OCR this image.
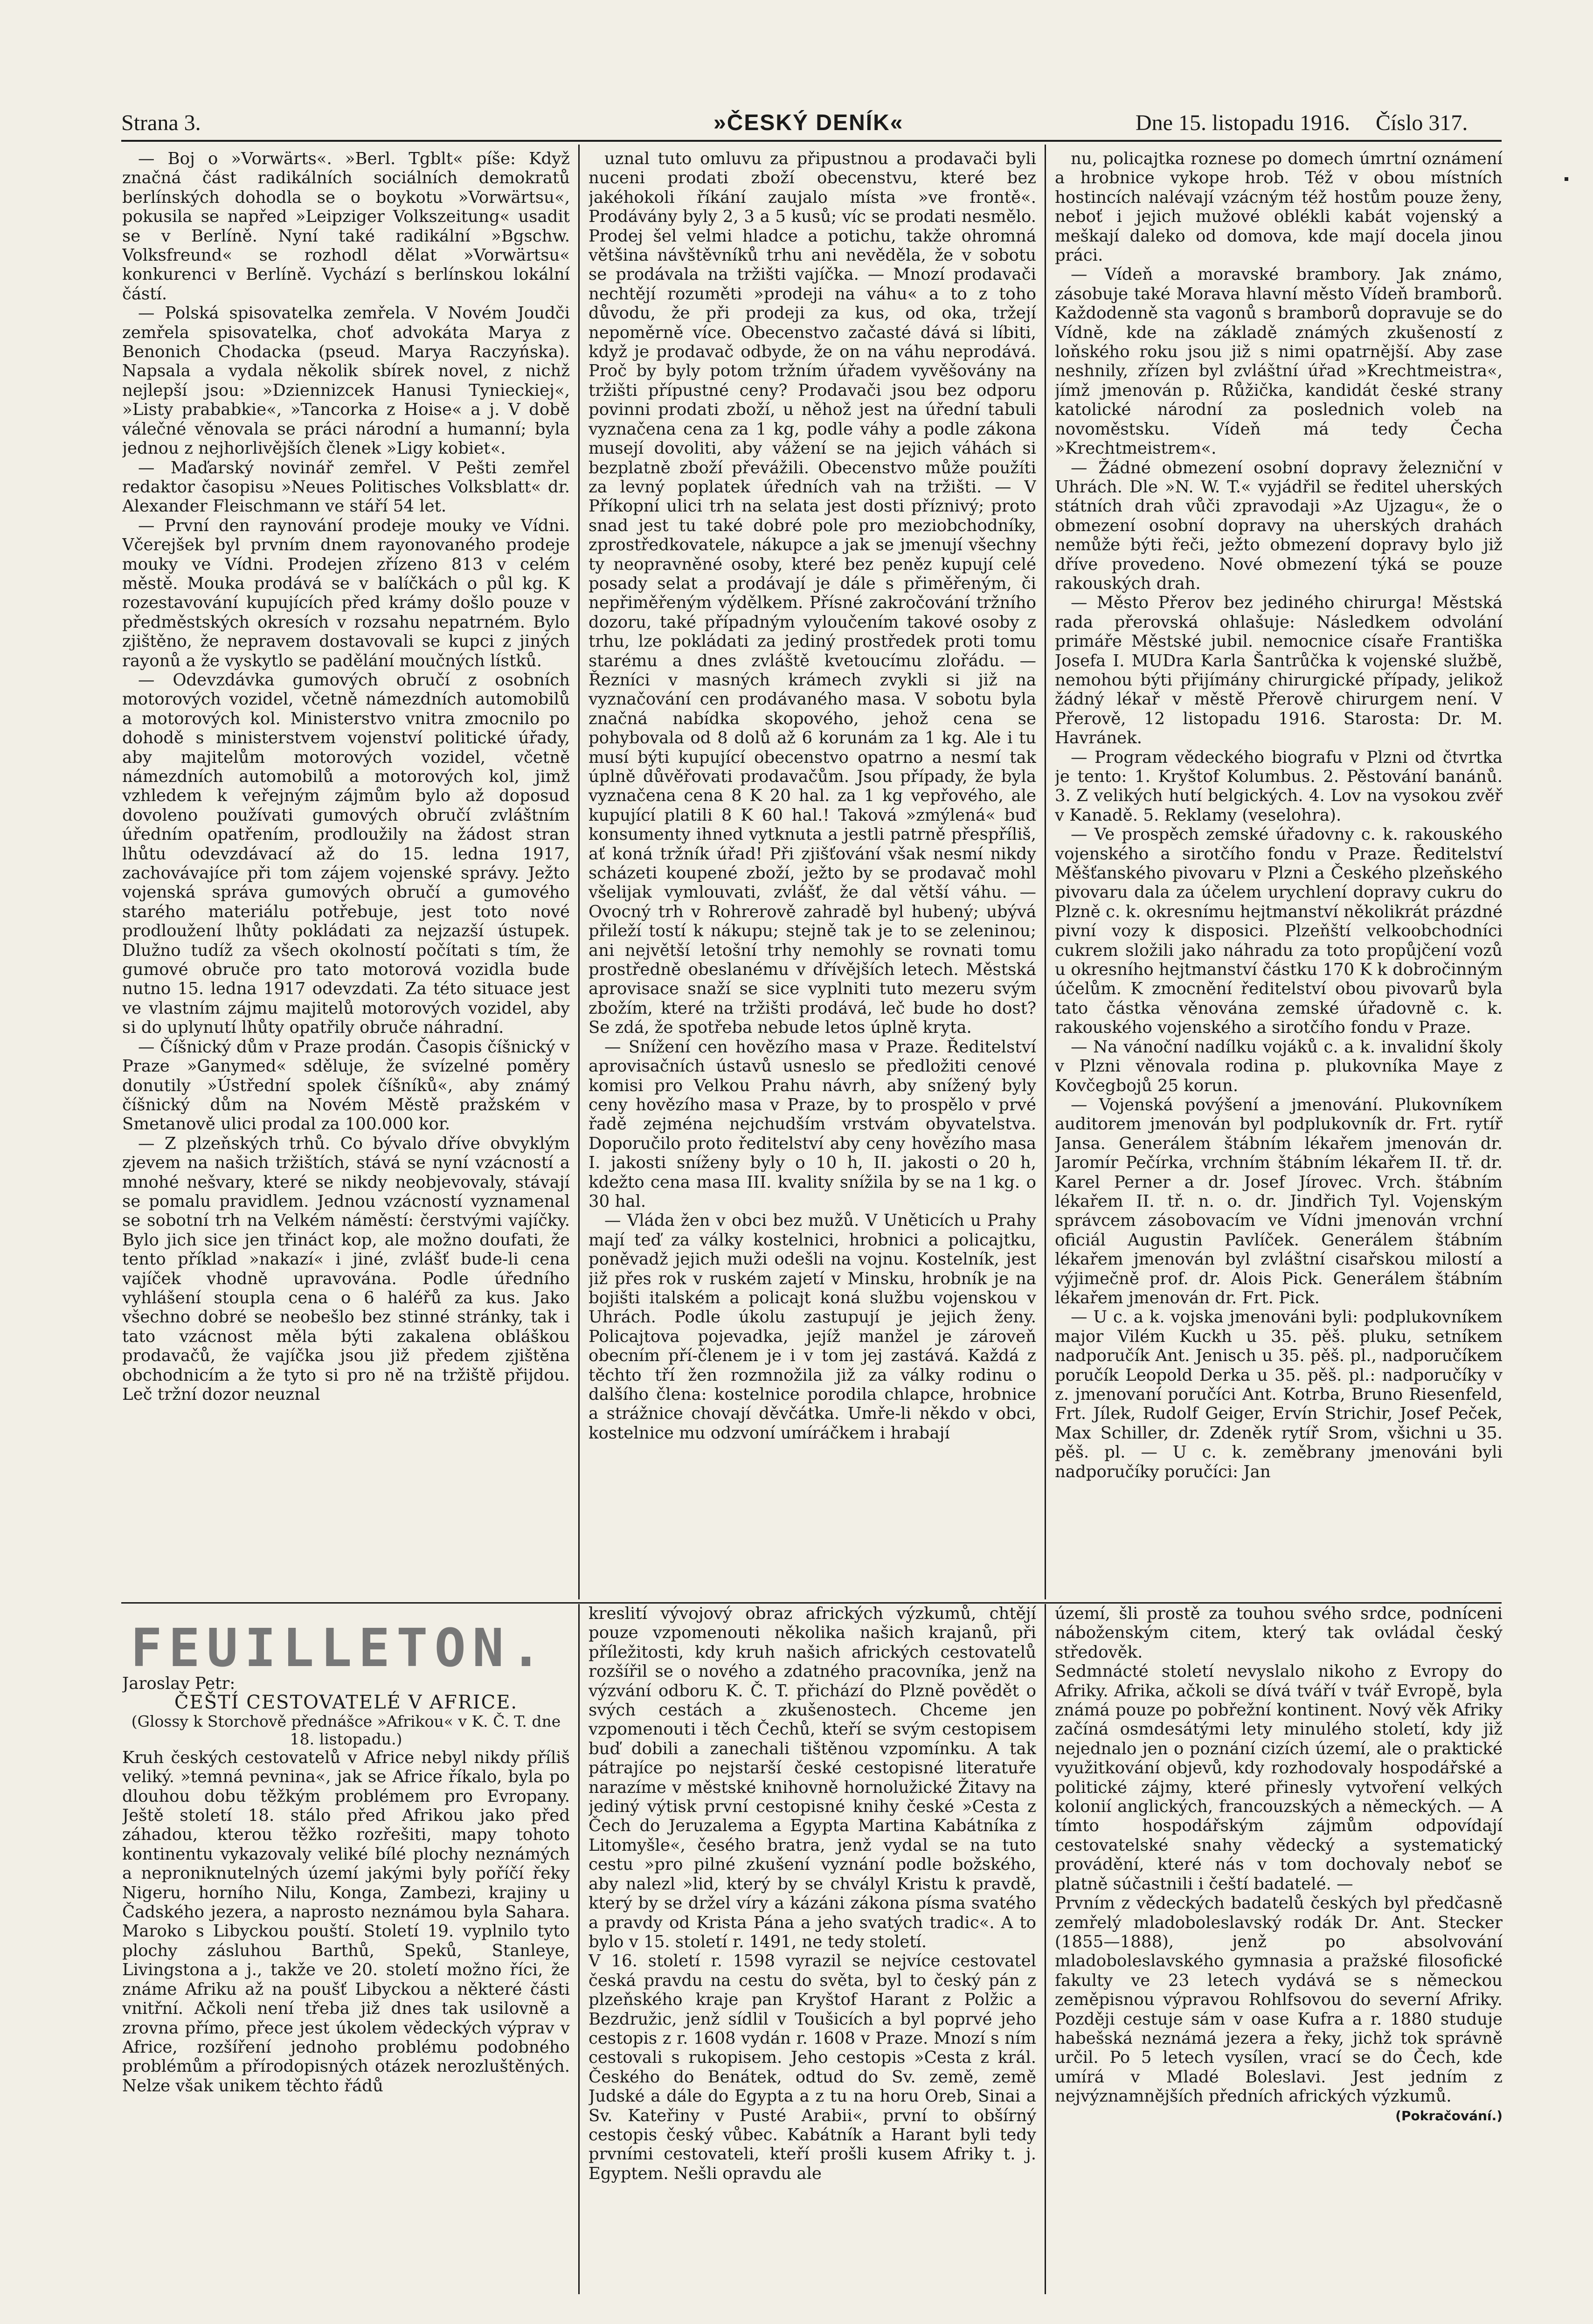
Strana 3.	»ČESKÝ DENÍK«	Dne 15. listopadu 1916. Číslo 317.

— Boj o »Vorwärts«. »Berl. Tgblt« píše: Když značná část radikálních sociálních demokratů berlínských dohodla se o boykotu »Vorwärtsu«, pokusila se napřed »Leipziger Volkszeitung« usadit se v Berlíně. Nyní také radikální »Bgschw. Volksfreund« se rozhodl dělat »Vorwärtsu« konkurenci v Berlíně. Vychází s berlínskou lokální částí.

— Polská spisovatelka zemřela. V Novém Joudči zemřela spisovatelka, choť advokáta Marya z Benonich Chodacka (pseud. Marya Raczyńska). Napsala a vydala několik sbírek novel, z nichž nejlepší jsou: »Dziennizcek Hanusi Tynieckiej«, »Listy prababkie«, »Tancorka z Hoise« a j. V době válečné věnovala se práci národní a humanní; byla jednou z nejhorlivějších členek »Ligy kobiet«.

— Maďarský novinář zemřel. V Pešti zemřel redaktor časopisu »Neues Politisches Volksblatt« dr. Alexander Fleischmann ve stáří 54 let.

— První den raynování prodeje mouky ve Vídni. Včerejšek byl prvním dnem rayonovaného prodeje mouky ve Vídni. Prodejen zřízeno 813 v celém městě. Mouka prodává se v balíčkách o půl kg. K rozestavování kupujících před krámy došlo pouze v předměstských okresích v rozsahu nepatrném. Bylo zjištěno, že nepravem dostavovali se kupci z jiných rayonů a že vyskytlo se padělání moučných lístků.

— Odevzdávka gumových obručí z osobních motorových vozidel, včetně námezdních automobilů a motorových kol. Ministerstvo vnitra zmocnilo po dohodě s ministerstvem vojenství politické úřady, aby majitelům motorových vozidel, včetně námezdních automobilů a motorových kol, jimž vzhledem k veřejným zájmům bylo až doposud dovoleno používati gumových obručí zvláštním úředním opatřením, prodloužily na žádost stran lhůtu odevzdávací až do 15. ledna 1917, zachovávajíce při tom zájem vojenské správy. Ježto vojenská správa gumových obručí a gumového starého materiálu potřebuje, jest toto nové prodloužení lhůty pokládati za nejzazší ústupek. Dlužno tudíž za všech okolností počítati s tím, že gumové obruče pro tato motorová vozidla bude nutno 15. ledna 1917 odevzdati. Za této situace jest ve vlastním zájmu majitelů motorových vozidel, aby si do uplynutí lhůty opatřily obruče náhradní.

— Číšnický dům v Praze prodán. Časopis číšnický v Praze »Ganymed« sděluje, že svízelné poměry donutily »Ústřední spolek číšníků«, aby známý číšnický dům na Novém Městě pražském v Smetanově ulici prodal za 100.000 kor.

— Z plzeňských trhů. Co bývalo dříve obvyklým zjevem na našich tržištích, stává se nyní vzácností a mnohé nešvary, které se nikdy neobjevovaly, stávají se pomalu pravidlem. Jednou vzácností vyznamenal se sobotní trh na Velkém náměstí: čerstvými vajíčky. Bylo jich sice jen třináct kop, ale možno doufati, že tento příklad »nakazí« i jiné, zvlášť bude-li cena vajíček vhodně upravována. Podle úředního vyhlášení stoupla cena o 6 haléřů za kus. Jako všechno dobré se neobešlo bez stinné stránky, tak i tato vzácnost měla býti zakalena obláškou prodavačů, že vajíčka jsou již předem zjištěna obchodnicím a že tyto si pro ně na tržiště přijdou. Leč tržní dozor neuznal

uznal tuto omluvu za připustnou a prodavači byli nuceni prodati zboží obecenstvu, které bez jakéhokoli říkání zaujalo místa »ve frontě«. Prodávány byly 2, 3 a 5 kusů; víc se prodati nesmělo. Prodej šel velmi hladce a potichu, takže ohromná většina návštěvníků trhu ani nevěděla, že v sobotu se prodávala na tržišti vajíčka. — Mnozí prodavači nechtějí rozuměti »prodeji na váhu« a to z toho důvodu, že při prodeji za kus, od oka, tržejí nepoměrně více. Obecenstvo začasté dává si líbiti, když je prodavač odbyde, že on na váhu neprodává. Proč by byly potom tržním úřadem vyvěšovány na tržišti přípustné ceny? Prodavači jsou bez odporu povinni prodati zboží, u něhož jest na úřední tabuli vyznačena cena za 1 kg, podle váhy a podle zákona musejí dovoliti, aby vážení se na jejich váhách si bezplatně zboží převážili. Obecenstvo může použíti za levný poplatek úředních vah na tržišti. — V Příkopní ulici trh na selata jest dosti příznivý; proto snad jest tu také dobré pole pro meziobchodníky, zprostředkovatele, nákupce a jak se jmenují všechny ty neopravněné osoby, které bez peněz kupují celé posady selat a prodávají je dále s přiměřeným, či nepřiměřeným výdělkem. Přísné zakročování tržního dozoru, také případným vyloučením takové osoby z trhu, lze pokládati za jediný prostředek proti tomu starému a dnes zvláště kvetoucímu zlořádu. — Řezníci v masných krámech zvykli si již na vyznačování cen prodávaného masa. V sobotu byla značná nabídka skopového, jehož cena se pohybovala od 8 dolů až 6 korunám za 1 kg. Ale i tu musí býti kupující obecenstvo opatrno a nesmí tak úplně důvěřovati prodavačům. Jsou případy, že byla vyznačena cena 8 K 20 hal. za 1 kg vepřového, ale kupující platili 8 K 60 hal.! Taková »zmýlená« buď konsumenty ihned vytknuta a jestli patrně přespříliš, ať koná tržník úřad! Při zjišťování však nesmí nikdy scházeti koupené zboží, ježto by se prodavač mohl všelijak vymlouvati, zvlášť, že dal větší váhu. — Ovocný trh v Rohrerově zahradě byl hubený; ubývá přileží tostí k nákupu; stejně tak je to se zeleninou; ani největší letošní trhy nemohly se rovnati tomu prostředně obeslanému v dřívějších letech. Městská aprovisace snaží se sice vyplniti tuto mezeru svým zbožím, které na tržišti prodává, leč bude ho dost? Se zdá, že spotřeba nebude letos úplně kryta.

— Snížení cen hovězího masa v Praze. Ředitelství aprovisačních ústavů usneslo se předložiti cenové komisi pro Velkou Prahu návrh, aby snížený byly ceny hovězího masa v Praze, by to prospělo v prvé řadě zejména nejchudším vrstvám obyvatelstva. Doporučilo proto ředitelství aby ceny hovězího masa I. jakosti sníženy byly o 10 h, II. jakosti o 20 h, kdežto cena masa III. kvality snížila by se na 1 kg. o 30 hal.

— Vláda žen v obci bez mužů. V Uněticích u Prahy mají teď za války kostelnici, hrobnici a policajtku, poněvadž jejich muži odešli na vojnu. Kostelník, jest již přes rok v ruském zajetí v Minsku, hrobník je na bojišti italském a policajt koná službu vojenskou v Uhrách. Podle úkolu zastupují je jejich ženy. Policajtova pojevadka, jejíž manžel je zároveň obecním pří-členem je i v tom jej zastává. Každá z těchto tří žen rozmnožila již za války rodinu o dalšího člena: kostelnice porodila chlapce, hrobnice a strážnice chovají děvčátka. Umře-li někdo v obci, kostelnice mu odzvoní umíráčkem i hrabají

nu, policajtka roznese po domech úmrtní oznámení a hrobnice vykope hrob. Též v obou místních hostincích nalévají vzácným též hostům pouze ženy, neboť i jejich mužové oblékli kabát vojenský a meškají daleko od domova, kde mají docela jinou práci.

— Vídeň a moravské brambory. Jak známo, zásobuje také Morava hlavní město Vídeň bramborů. Každodenně sta vagonů s bramborů dopravuje se do Vídně, kde na základě známých zkušeností z loňského roku jsou již s nimi opatrnější. Aby zase neshnily, zřízen byl zvláštní úřad »Krechtmeistra«, jímž jmenován p. Růžička, kandidát české strany katolické národní za poslednich voleb na novoměstsku. Vídeň má tedy Čecha »Krechtmeistrem«.

— Žádné obmezení osobní dopravy železniční v Uhrách. Dle »N. W. T.« vyjádřil se ředitel uherských státních drah vůči zpravodaji »Az Ujzagu«, že o obmezení osobní dopravy na uherských drahách nemůže býti řeči, ježto obmezení dopravy bylo již dříve provedeno. Nové obmezení týká se pouze rakouských drah.

— Město Přerov bez jediného chirurga! Městská rada přerovská ohlašuje: Následkem odvolání primáře Městské jubil. nemocnice císaře Františka Josefa I. MUDra Karla Šantrůčka k vojenské službě, nemohou býti přijímány chirurgické případy, jelikož žádný lékař v městě Přerově chirurgem není. V Přerově, 12 listopadu 1916. Starosta: Dr. M. Havránek.

— Program vědeckého biografu v Plzni od čtvrtka je tento: 1. Kryštof Kolumbus. 2. Pěstování banánů. 3. Z velikých hutí belgických. 4. Lov na vysokou zvěř v Kanadě. 5. Reklamy (veselohra).

— Ve prospěch zemské úřadovny c. k. rakouského vojenského a sirotčího fondu v Praze. Ředitelství Měšťanského pivovaru v Plzni a Českého plzeňského pivovaru dala za účelem urychlení dopravy cukru do Plzně c. k. okresnímu hejtmanství několikrát prázdné pivní vozy k disposici. Plzeňští velkoobchodníci cukrem složili jako náhradu za toto propůjčení vozů u okresního hejtmanství částku 170 K k dobročinným účelům. K zmocnění ředitelství obou pivovarů byla tato částka věnována zemské úřadovně c. k. rakouského vojenského a sirotčího fondu v Praze.

— Na vánoční nadílku vojáků c. a k. invalidní školy v Plzni věnovala rodina p. plukovníka Maye z Kovčegbojů 25 korun.

— Vojenská povýšení a jmenování. Plukovníkem auditorem jmenován byl podplukovník dr. Frt. rytíř Jansa. Generálem štábním lékařem jmenován dr. Jaromír Pečírka, vrchním štábním lékařem II. tř. dr. Karel Perner a dr. Josef Jírovec. Vrch. štábním lékařem II. tř. n. o. dr. Jindřich Tyl. Vojenským správcem zásobovacím ve Vídni jmenován vrchní oficiál Augustin Pavlíček. Generálem štábním lékařem jmenován byl zvláštní cisařskou milostí a výjimečně prof. dr. Alois Pick. Generálem štábním lékařem jmenován dr. Frt. Pick.

— U c. a k. vojska jmenováni byli: podplukovníkem major Vilém Kuckh u 35. pěš. pluku, setníkem nadporučík Ant. Jenisch u 35. pěš. pl., nadporučíkem poručík Leopold Derka u 35. pěš. pl.: nadporučíky v z. jmenovaní poručíci Ant. Kotrba, Bruno Riesenfeld, Frt. Jílek, Rudolf Geiger, Ervín Strichir, Josef Peček, Max Schiller, dr. Zdeněk rytíř Srom, všichni u 35. pěš. pl. — U c. k. zeměbrany jmenováni byli nadporučíky poručíci: Jan

FEUILLETON.

Jaroslav Petr:

ČEŠTÍ CESTOVATELÉ V AFRICE.

(Glossy k Storchově přednášce »Afrikou« v K. Č. T. dne 18. listopadu.)

Kruh českých cestovatelů v Africe nebyl nikdy příliš veliký. »temná pevnina«, jak se Africe říkalo, byla po dlouhou dobu těžkým problémem pro Evropany. Ještě století 18. stálo před Afrikou jako před záhadou, kterou těžko rozřešiti, mapy tohoto kontinentu vykazovaly veliké bílé plochy neznámých a neproniknutelných území jakými byly poříčí řeky Nigeru, horního Nilu, Konga, Zambezi, krajiny u Čadského jezera, a naprosto neznámou byla Sahara. Maroko s Libyckou pouští. Století 19. vyplnilo tyto plochy zásluhou Barthů, Speků, Stanleye, Livingstona a j., takže ve 20. století možno říci, že známe Afriku až na poušť Libyckou a některé části vnitřní. Ačkoli není třeba již dnes tak usilovně a zrovna přímo, přece jest úkolem vědeckých výprav v Africe, rozšíření jednoho problému podobného problémům a přírodopisných otázek nerozluštěných. Nelze však unikem těchto řádů

kreslití vývojový obraz afrických výzkumů, chtějí pouze vzpomenouti několika našich krajanů, při příležitosti, kdy kruh našich afrických cestovatelů rozšířil se o nového a zdatného pracovníka, jenž na výzvání odboru K. Č. T. přichází do Plzně povědět o svých cestách a zkušenostech. Chceme jen vzpomenouti i těch Čechů, kteří se svým cestopisem buď dobili a zanechali tištěnou vzpomínku. A tak pátrajíce po nejstarší české cestopisné literatuře narazíme v městské knihovně hornolužické Žitavy na jediný výtisk první cestopisné knihy české »Cesta z Čech do Jeruzalema a Egypta Martina Kabátníka z Litomyšle«, česého bratra, jenž vydal se na tuto cestu »pro pilné zkušení vyznání podle božského, aby nalezl »lid, který by se chvályl Kristu k pravdě, který by se držel víry a kázáni zákona písma svatého a pravdy od Krista Pána a jeho svatých tradic«. A to bylo v 15. století r. 1491, ne tedy století.

V 16. století r. 1598 vyrazil se nejvíce cestovatel česká pravdu na cestu do světa, byl to český pán z plzeňského kraje pan Kryštof Harant z Polžic a Bezdružic, jenž sídlil v Toušicích a byl poprvé jeho cestopis z r. 1608 vydán r. 1608 v Praze. Mnozí s ním cestovali s rukopisem. Jeho cestopis »Cesta z král. Českého do Benátek, odtud do Sv. země, země Judské a dále do Egypta a z tu na horu Oreb, Sinai a Sv. Kateřiny v Pusté Arabii«, první to obšírný cestopis český vůbec. Kabátník a Harant byli tedy prvními cestovateli, kteří prošli kusem Afriky t. j. Egyptem. Nešli opravdu ale

území, šli prostě za touhou svého srdce, podníceni náboženským citem, který tak ovládal český středověk.

Sedmnácté století nevyslalo nikoho z Evropy do Afriky. Afrika, ačkoli se dívá tváří v tvář Evropě, byla známá pouze po pobřežní kontinent. Nový věk Afriky začíná osmdesátými lety minulého století, kdy již nejednalo jen o poznání cizích území, ale o praktické využitkování objevů, kdy rozhodovaly hospodářské a politické zájmy, které přinesly vytvoření velkých kolonií anglických, francouzských a německých. — A tímto hospodářským zájmům odpovídají cestovatelské snahy vědecký a systematický provádění, které nás v tom dochovaly neboť se platně súčastnili i čeští badatelé. —

Prvním z vědeckých badatelů českých byl předčasně zemřelý mladoboleslavský rodák Dr. Ant. Stecker (1855—1888), jenž po absolvování mladoboleslavského gymnasia a pražské filosofické fakulty ve 23 letech vydává se s německou zeměpisnou výpravou Rohlfsovou do severní Afriky. Později cestuje sám v oase Kufra a r. 1880 studuje habešská neznámá jezera a řeky, jichž tok správně určil. Po 5 letech vysílen, vrací se do Čech, kde umírá v Mladé Boleslavi. Jest jedním z nejvýznamnějších předních afrických výzkumů.

(Pokračování.)
